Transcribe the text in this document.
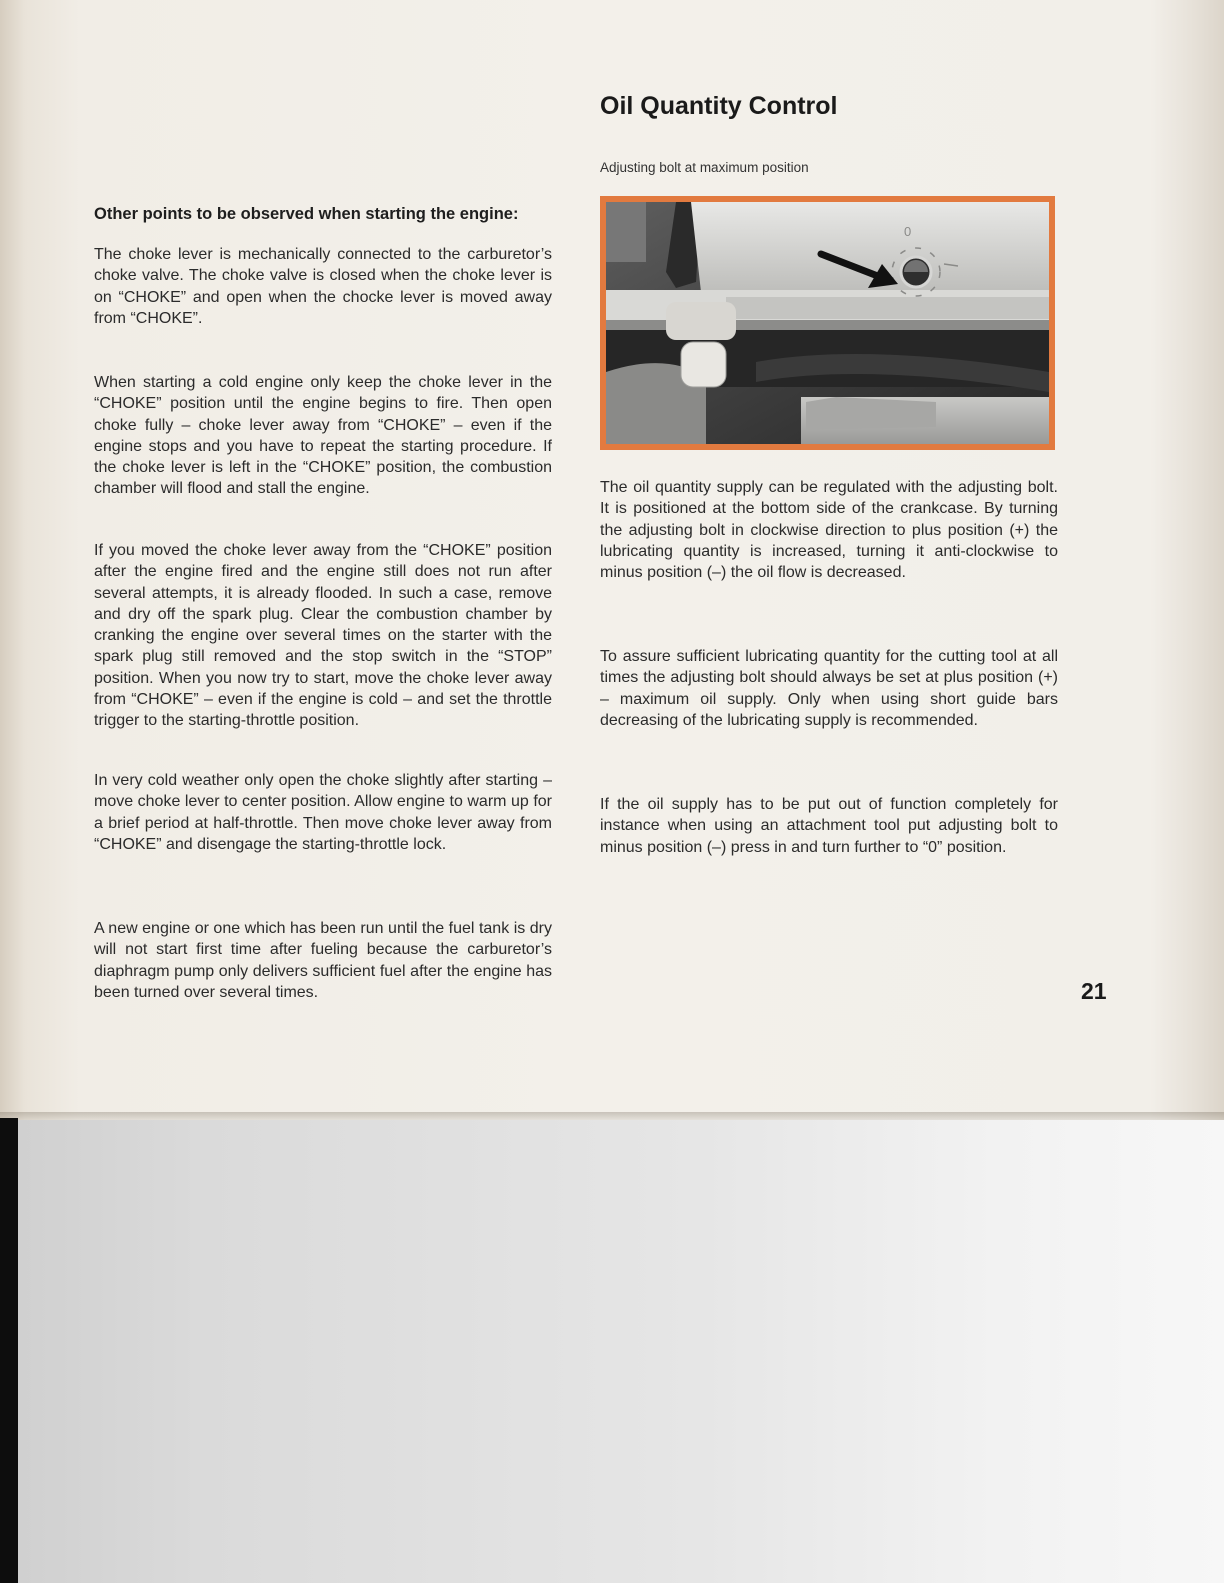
Other points to be observed when starting the engine:

The choke lever is mechanically connected to the carburetor’s choke valve. The choke valve is closed when the choke lever is on “CHOKE” and open when the chocke lever is moved away from “CHOKE”.

When starting a cold engine only keep the choke lever in the “CHOKE” position until the engine begins to fire. Then open choke fully – choke lever away from “CHOKE” – even if the engine stops and you have to repeat the starting procedure. If the choke lever is left in the “CHOKE” position, the combustion chamber will flood and stall the engine.

If you moved the choke lever away from the “CHOKE” position after the engine fired and the engine still does not run after several attempts, it is already flooded. In such a case, remove and dry off the spark plug. Clear the combustion chamber by cranking the engine over several times on the starter with the spark plug still removed and the stop switch in the “STOP” position. When you now try to start, move the choke lever away from “CHOKE” – even if the engine is cold – and set the throttle trigger to the starting-throttle position.

In very cold weather only open the choke slightly after starting – move choke lever to center position. Allow engine to warm up for a brief period at half-throttle. Then move choke lever away from “CHOKE” and disengage the starting-throttle lock.

A new engine or one which has been run until the fuel tank is dry will not start first time after fueling because the carburetor’s diaphragm pump only delivers sufficient fuel after the engine has been turned over several times.

Oil Quantity Control
Adjusting bolt at maximum position

The oil quantity supply can be regulated with the adjusting bolt. It is positioned at the bottom side of the crankcase. By turning the adjusting bolt in clockwise direction to plus position (+) the lubricating quantity is increased, turning it anti-clockwise to minus position (–) the oil flow is decreased.

To assure sufficient lubricating quantity for the cutting tool at all times the adjusting bolt should always be set at plus position (+) – maximum oil supply. Only when using short guide bars decreasing of the lubricating supply is recommended.

If the oil supply has to be put out of function completely for instance when using an attachment tool put adjusting bolt to minus position (–) press in and turn further to “0” position.

0
21
